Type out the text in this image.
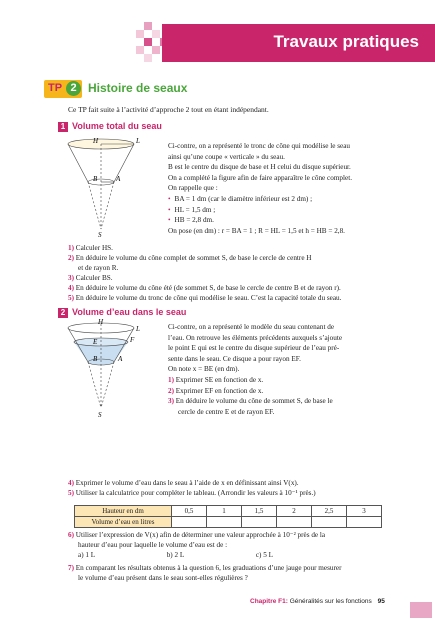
Travaux pratiques
TP 2 Histoire de seaux
Ce TP fait suite à l’activité d’approche 2 tout en étant indépendant.
1 Volume total du seau
H	L
B	A
S

Ci-contre, on a représenté le tronc de cône qui modélise le seau

ainsi qu’une coupe « verticale » du seau.

B est le centre du disque de base et H celui du disque supérieur.

On a complété la figure afin de faire apparaître le cône complet.

On rappelle que :

• BA = 1 dm (car le diamètre inférieur est 2 dm) ;

• HL = 1,5 dm ;

• HB = 2,8 dm.

On pose (en dm) : r = BA = 1 ; R = HL = 1,5 et h = HB = 2,8.

1) Calculer HS.
2) En déduire le volume du cône complet de sommet S, de base le cercle de centre H
et de rayon R.
3) Calculer BS.
4) En déduire le volume du cône été (de sommet S, de base le cercle de centre B et de rayon r).
5) En déduire le volume du tronc de cône qui modélise le seau. C’est la capacité totale du seau.
2 Volume d’eau dans le seau
H
L
E	F
B	A
S

Ci-contre, on a représenté le modèle du seau contenant de

l’eau. On retrouve les éléments précédents auxquels s’ajoute

le point E qui est le centre du disque supérieur de l’eau pré-

sente dans le seau. Ce disque a pour rayon EF.

On note x = BE (en dm).

1) Exprimer SE en fonction de x.

2) Exprimer EF en fonction de x.

3) En déduire le volume du cône de sommet S, de base le

cercle de centre E et de rayon EF.

4) Exprimer le volume d’eau dans le seau à l’aide de x en définissant ainsi V(x).
5) Utiliser la calculatrice pour compléter le tableau. (Arrondir les valeurs à 10⁻¹ près.)
Hauteur en dm	0,5	1	1,5	2	2,5	3
Volume d’eau en litres						
6) Utiliser l’expression de V(x) afin de déterminer une valeur approchée à 10⁻² près de la
hauteur d’eau pour laquelle le volume d’eau est de :
a) 1 L	b) 2 L	c) 5 L
7) En comparant les résultats obtenus à la question 6, les graduations d’une jauge pour mesurer
le volume d’eau présent dans le seau sont-elles régulières ?
Chapitre F1: Généralités sur les fonctions 95
